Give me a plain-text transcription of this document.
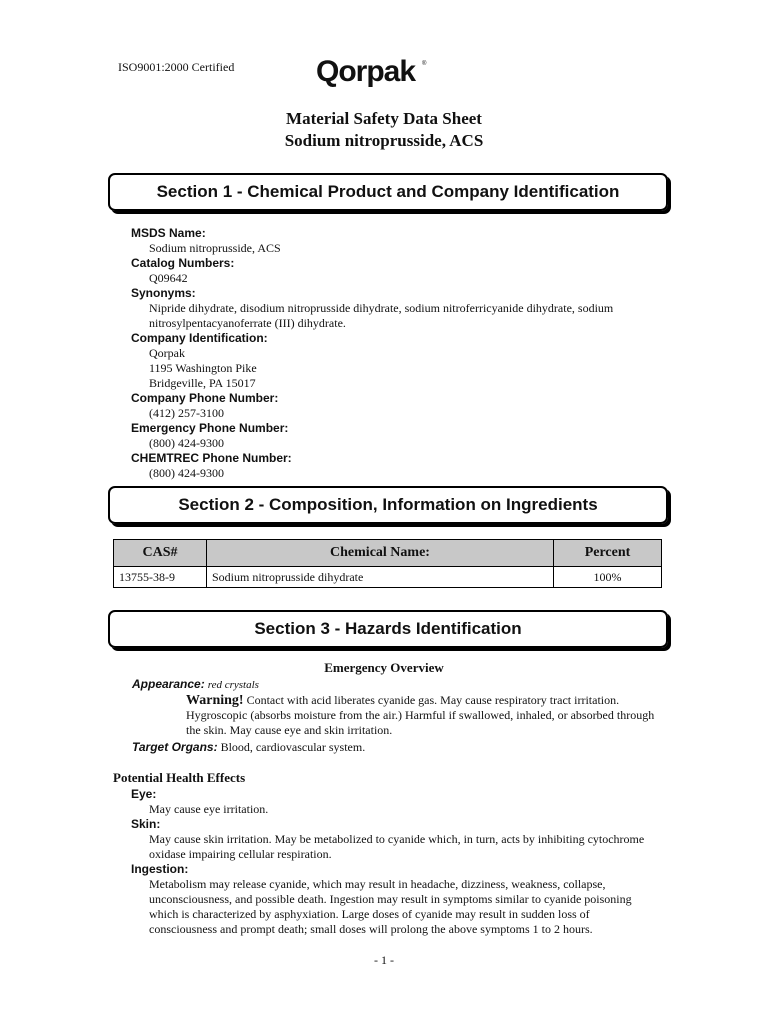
ISO9001:2000 Certified	Qorpak ®
Material Safety Data Sheet
Sodium nitroprusside, ACS
Section 1 - Chemical Product and Company Identification
MSDS Name:
Sodium nitroprusside, ACS
Catalog Numbers:
Q09642
Synonyms:
Nipride dihydrate, disodium nitroprusside dihydrate, sodium nitroferricyanide dihydrate, sodium nitrosylpentacyanoferrate (III) dihydrate.
Company Identification:
Qorpak
1195 Washington Pike
Bridgeville, PA 15017
Company Phone Number:
(412) 257-3100
Emergency Phone Number:
(800) 424-9300
CHEMTREC Phone Number:
(800) 424-9300
Section 2 - Composition, Information on Ingredients
CAS#	Chemical Name:	Percent
13755-38-9	Sodium nitroprusside dihydrate	100%
Section 3 - Hazards Identification
Emergency Overview
Appearance: red crystals
Warning! Contact with acid liberates cyanide gas. May cause respiratory tract irritation. Hygroscopic (absorbs moisture from the air.) Harmful if swallowed, inhaled, or absorbed through the skin. May cause eye and skin irritation.
Target Organs: Blood, cardiovascular system.
Potential Health Effects
Eye:
May cause eye irritation.
Skin:
May cause skin irritation. May be metabolized to cyanide which, in turn, acts by inhibiting cytochrome oxidase impairing cellular respiration.
Ingestion:
Metabolism may release cyanide, which may result in headache, dizziness, weakness, collapse, unconsciousness, and possible death. Ingestion may result in symptoms similar to cyanide poisoning which is characterized by asphyxiation. Large doses of cyanide may result in sudden loss of consciousness and prompt death; small doses will prolong the above symptoms 1 to 2 hours.
- 1 -
